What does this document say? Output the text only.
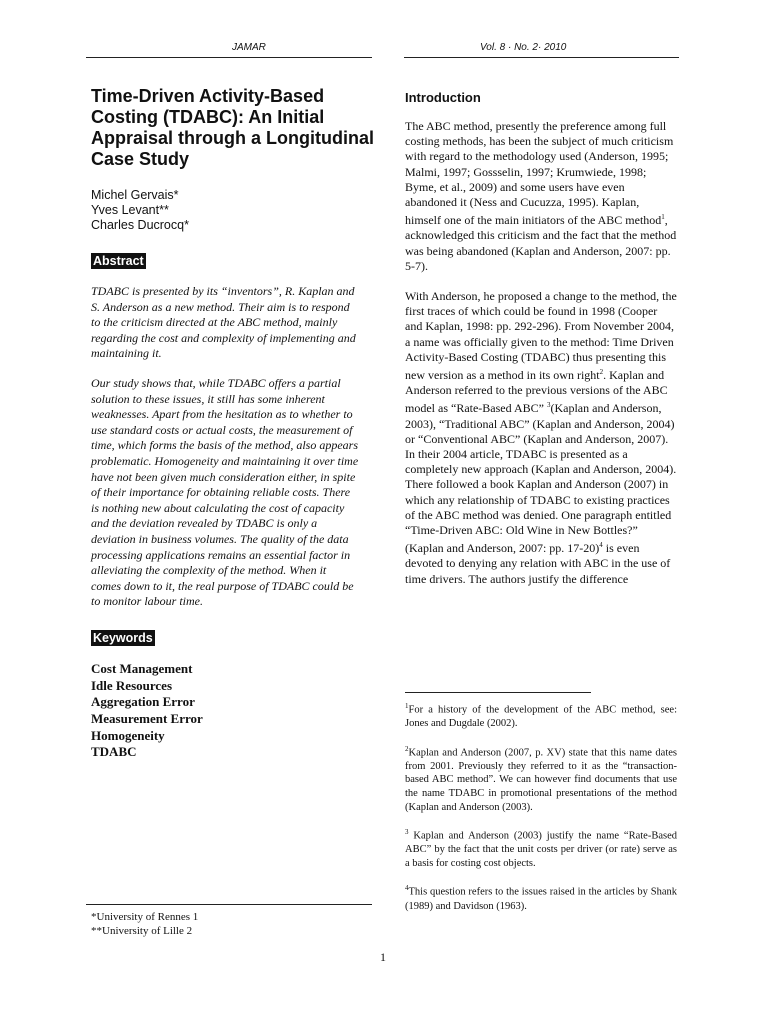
JAMAR	Vol. 8 · No. 2· 2010
Time-Driven Activity-Based Costing (TDABC): An Initial Appraisal through a Longitudinal Case Study
Michel Gervais*
Yves Levant**
Charles Ducrocq*
Abstract

TDABC is presented by its “inventors”, R. Kaplan and S. Anderson as a new method. Their aim is to respond to the criticism directed at the ABC method, mainly regarding the cost and complexity of implementing and maintaining it.

Our study shows that, while TDABC offers a partial solution to these issues, it still has some inherent weaknesses. Apart from the hesitation as to whether to use standard costs or actual costs, the measurement of time, which forms the basis of the method, also appears problematic. Homogeneity and maintaining it over time have not been given much consideration either, in spite of their importance for obtaining reliable costs. There is nothing new about calculating the cost of capacity and the deviation revealed by TDABC is only a deviation in business volumes. The quality of the data processing applications remains an essential factor in alleviating the complexity of the method. When it comes down to it, the real purpose of TDABC could be to monitor labour time.

Keywords
Cost Management
Idle Resources
Aggregation Error
Measurement Error
Homogeneity
TDABC
*University of Rennes 1
**University of Lille 2
Introduction

The ABC method, presently the preference among full costing methods, has been the subject of much criticism with regard to the methodology used (Anderson, 1995; Malmi, 1997; Gossselin, 1997; Krumwiede, 1998; Byme, et al., 2009) and some users have even abandoned it (Ness and Cucuzza, 1995). Kaplan, himself one of the main initiators of the ABC method$^1$, acknowledged this criticism and the fact that the method was being abandoned (Kaplan and Anderson, 2007: pp. 5-7).

With Anderson, he proposed a change to the method, the first traces of which could be found in 1998 (Cooper and Kaplan, 1998: pp. 292-296). From November 2004, a name was officially given to the method: Time Driven Activity-Based Costing (TDABC) thus presenting this new version as a method in its own right$^2$. Kaplan and Anderson referred to the previous versions of the ABC model as “Rate-Based ABC” $^3$(Kaplan and Anderson, 2003), “Traditional ABC” (Kaplan and Anderson, 2004) or “Conventional ABC” (Kaplan and Anderson, 2007). In their 2004 article, TDABC is presented as a completely new approach (Kaplan and Anderson, 2004). There followed a book Kaplan and Anderson (2007) in which any relationship of TDABC to existing practices of the ABC method was denied. One paragraph entitled “Time-Driven ABC: Old Wine in New Bottles?” (Kaplan and Anderson, 2007: pp. 17-20)$^4$ is even devoted to denying any relation with ABC in the use of time drivers. The authors justify the difference

$^1$For a history of the development of the ABC method, see: Jones and Dugdale (2002).

$^2$Kaplan and Anderson (2007, p. XV) state that this name dates from 2001. Previously they referred to it as the “transaction-based ABC method”. We can however find documents that use the name TDABC in promotional presentations of the method (Kaplan and Anderson (2003).

$^3$ Kaplan and Anderson (2003) justify the name “Rate-Based ABC” by the fact that the unit costs per driver (or rate) serve as a basis for costing cost objects.

$^4$This question refers to the issues raised in the articles by Shank (1989) and Davidson (1963).

1
